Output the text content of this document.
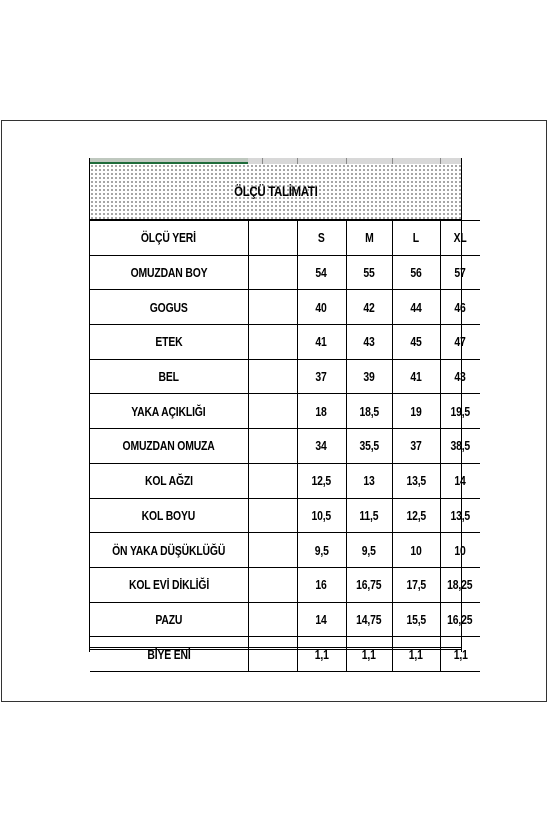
ÖLÇÜ TALİMATI
ÖLÇÜ YERİ		S	M	L	XL
OMUZDAN BOY		54	55	56	57
GOGUS		40	42	44	46
ETEK		41	43	45	47
BEL		37	39	41	43
YAKA AÇIKLIĞI		18	18,5	19	19,5
OMUZDAN OMUZA		34	35,5	37	38,5
KOL AĞZI		12,5	13	13,5	14
KOL BOYU		10,5	11,5	12,5	13,5
ÖN YAKA DÜŞÜKLÜĞÜ		9,5	9,5	10	10
KOL EVİ DİKLİĞİ		16	16,75	17,5	18,25
PAZU		14	14,75	15,5	16,25
BİYE ENİ		1,1	1,1	1,1	1,1
